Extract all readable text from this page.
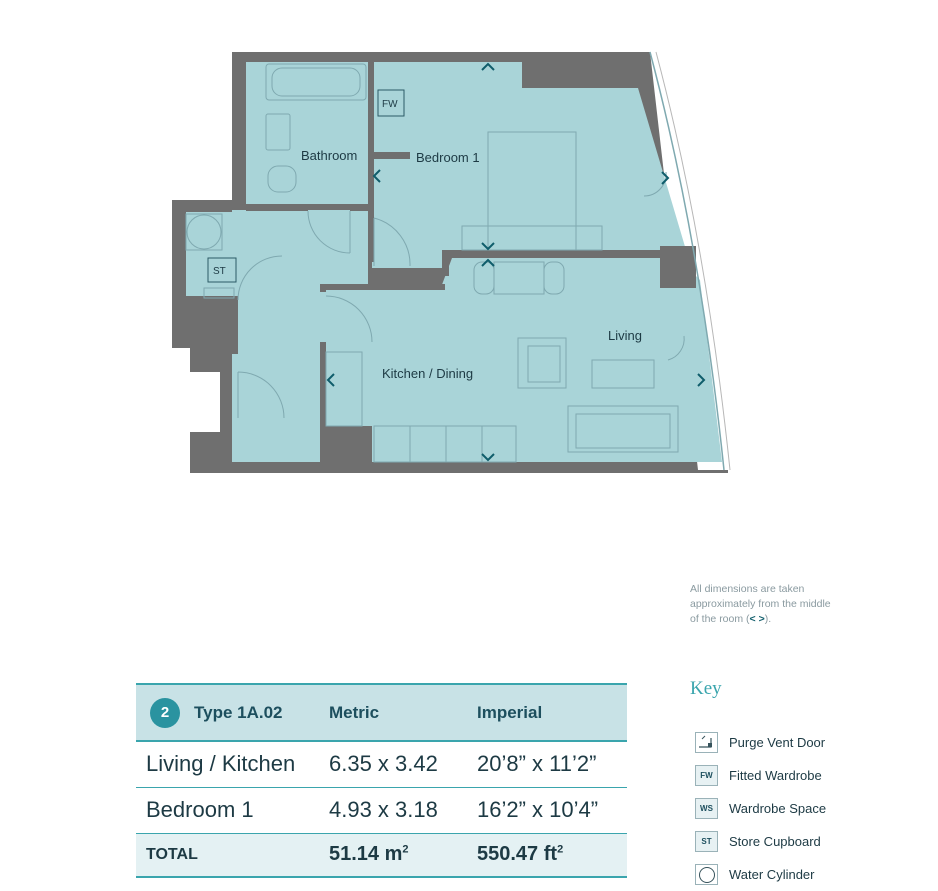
Bathroom	Bedroom 1
Kitchen / Dining
Living
FW
ST
All dimensions are taken approximately from the middle of the room (< >).
Key
Purge Vent Door
FW	Fitted Wardrobe
WS	Wardrobe Space
ST	Store Cupboard
Water Cylinder
2 Type 1A.02	Metric	Imperial
Living / Kitchen	6.35 x 3.42	20’8” x 11’2”
Bedroom 1	4.93 x 3.18	16’2” x 10’4”
TOTAL	51.14 $m^2$	550.47 $ft^2$
